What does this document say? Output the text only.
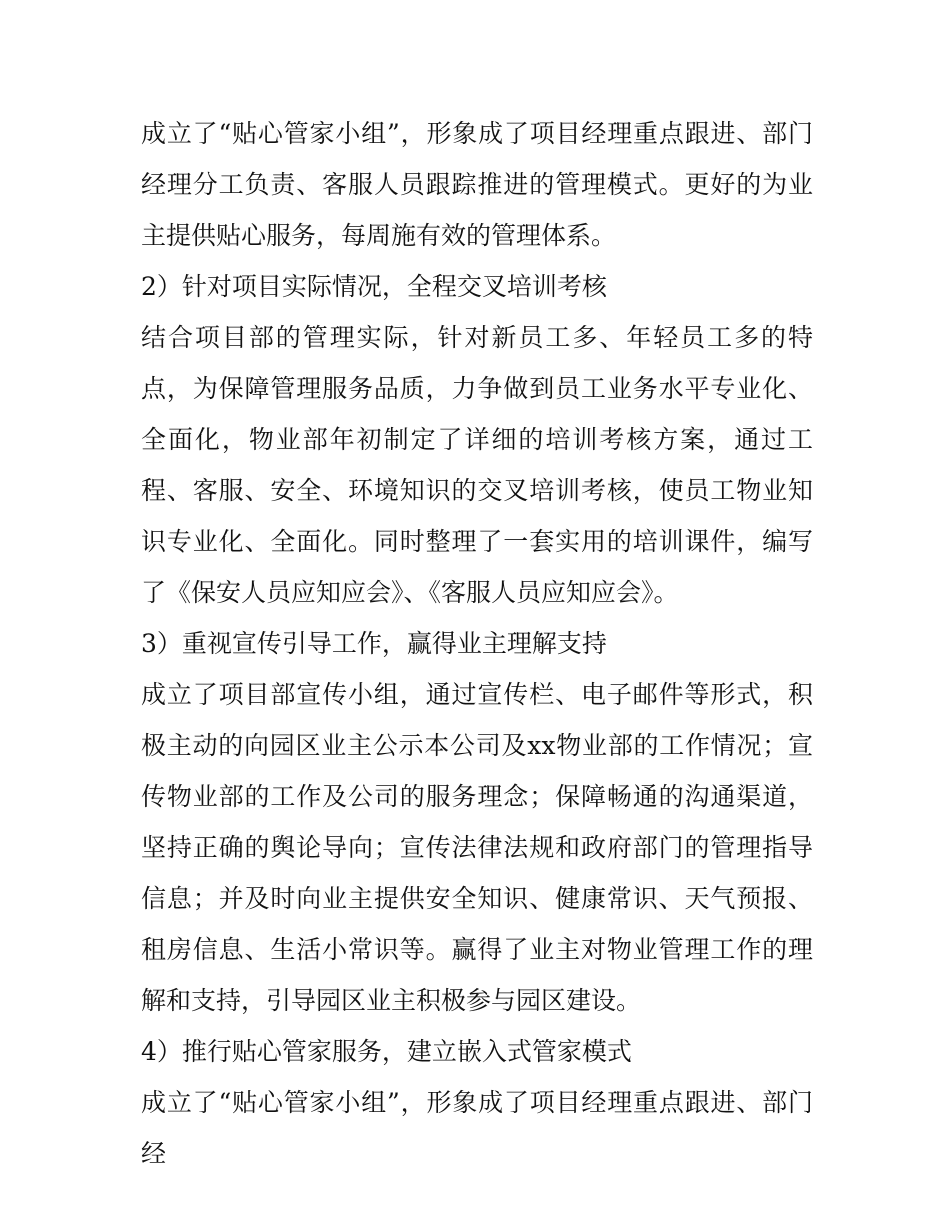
成立了“贴心管家小组”，形象成了项目经理重点跟进、部门经理分工负责、客服人员跟踪推进的管理模式。更好的为业主提供贴心服务，每周施有效的管理体系。

2）针对项目实际情况，全程交叉培训考核

结合项目部的管理实际，针对新员工多、年轻员工多的特点，为保障管理服务品质，力争做到员工业务水平专业化、全面化，物业部年初制定了详细的培训考核方案，通过工程、客服、安全、环境知识的交叉培训考核，使员工物业知识专业化、全面化。同时整理了一套实用的培训课件，编写了《保安人员应知应会》、《客服人员应知应会》。

3）重视宣传引导工作，赢得业主理解支持

成立了项目部宣传小组，通过宣传栏、电子邮件等形式，积极主动的向园区业主公示本公司及xx物业部的工作情况；宣传物业部的工作及公司的服务理念；保障畅通的沟通渠道，坚持正确的舆论导向；宣传法律法规和政府部门的管理指导信息；并及时向业主提供安全知识、健康常识、天气预报、租房信息、生活小常识等。赢得了业主对物业管理工作的理解和支持，引导园区业主积极参与园区建设。

4）推行贴心管家服务，建立嵌入式管家模式

成立了“贴心管家小组”，形象成了项目经理重点跟进、部门经
